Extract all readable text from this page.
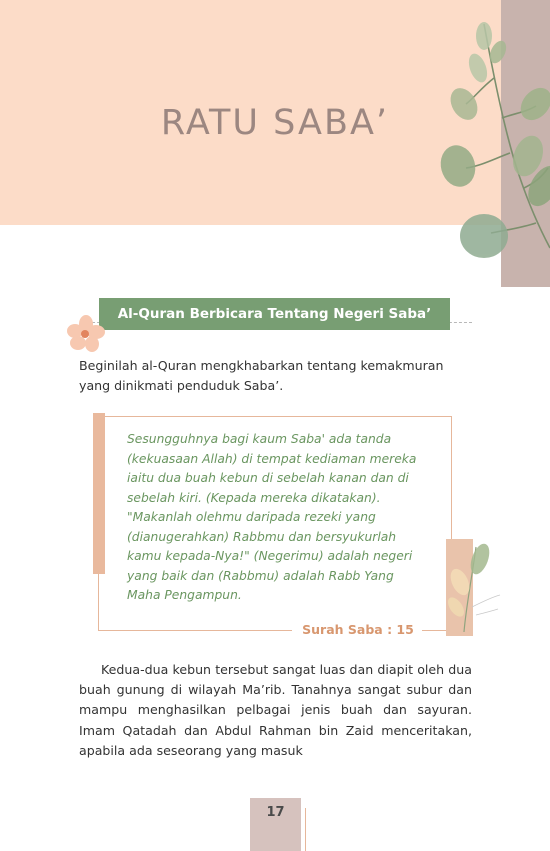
RATU SABA’
Al-Quran Berbicara Tentang Negeri Saba’
Beginilah al-Quran mengkhabarkan tentang kemakmuran yang dinikmati penduduk Saba’.
Sesungguhnya bagi kaum Saba' ada tanda (kekuasaan Allah) di tempat kediaman mereka iaitu dua buah kebun di sebelah kanan dan di sebelah kiri. (Kepada mereka dikatakan). "Makanlah olehmu daripada rezeki yang (dianugerahkan) Rabbmu dan bersyukurlah kamu kepada-Nya!" (Negerimu) adalah negeri yang baik dan (Rabbmu) adalah Rabb Yang Maha Pengampun.
Surah Saba : 15

Kedua-dua kebun tersebut sangat luas dan diapit oleh dua buah gunung di wilayah Ma’rib. Tanahnya sangat subur dan mampu menghasilkan pelbagai jenis buah dan sayuran. Imam Qatadah dan Abdul Rahman bin Zaid menceritakan, apabila ada seseorang yang masuk

17
